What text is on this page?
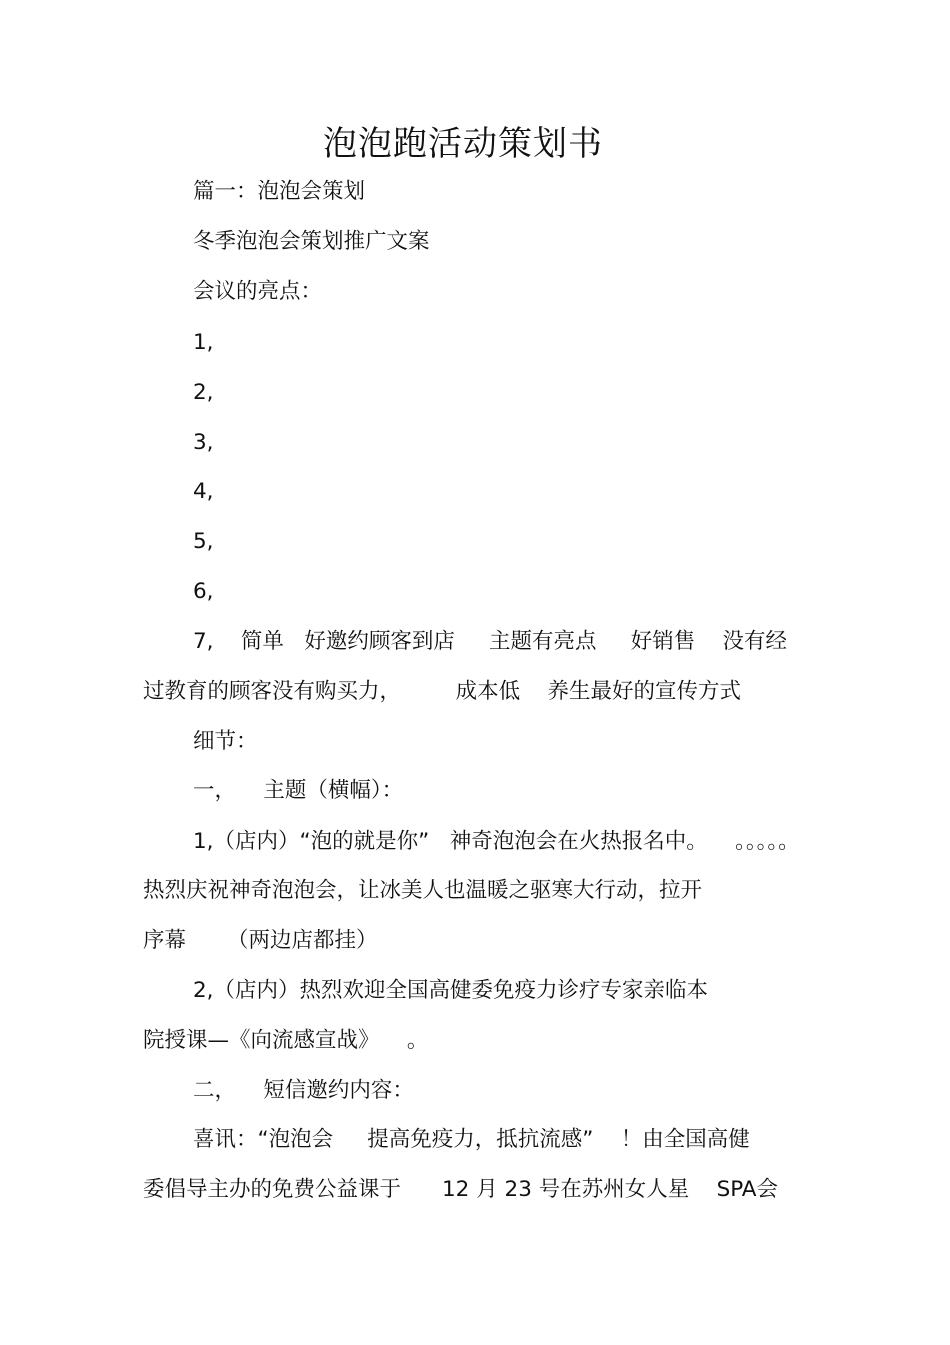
泡泡跑活动策划书
篇一：泡泡会策划
冬季泡泡会策划推广文案
会议的亮点：
1,
2,
3,
4,
5,
6,
7,    简单   好邀约顾客到店     主题有亮点     好销售    没有经
过教育的顾客没有购买力，        成本低    养生最好的宣传方式
细节：
一，    主题（横幅）：
1,（店内）“泡的就是你”   神奇泡泡会在火热报名中。    。。。。。
热烈庆祝神奇泡泡会，让冰美人也温暖之驱寒大行动，拉开
序幕      （两边店都挂）
2,（店内）热烈欢迎全国高健委免疫力诊疗专家亲临本
院授课—《向流感宣战》    。
二，    短信邀约内容：
喜讯：“泡泡会     提高免疫力，抵抗流感”    ！由全国高健
委倡导主办的免费公益课于      12 月 23 号在苏州女人星    SPA会
